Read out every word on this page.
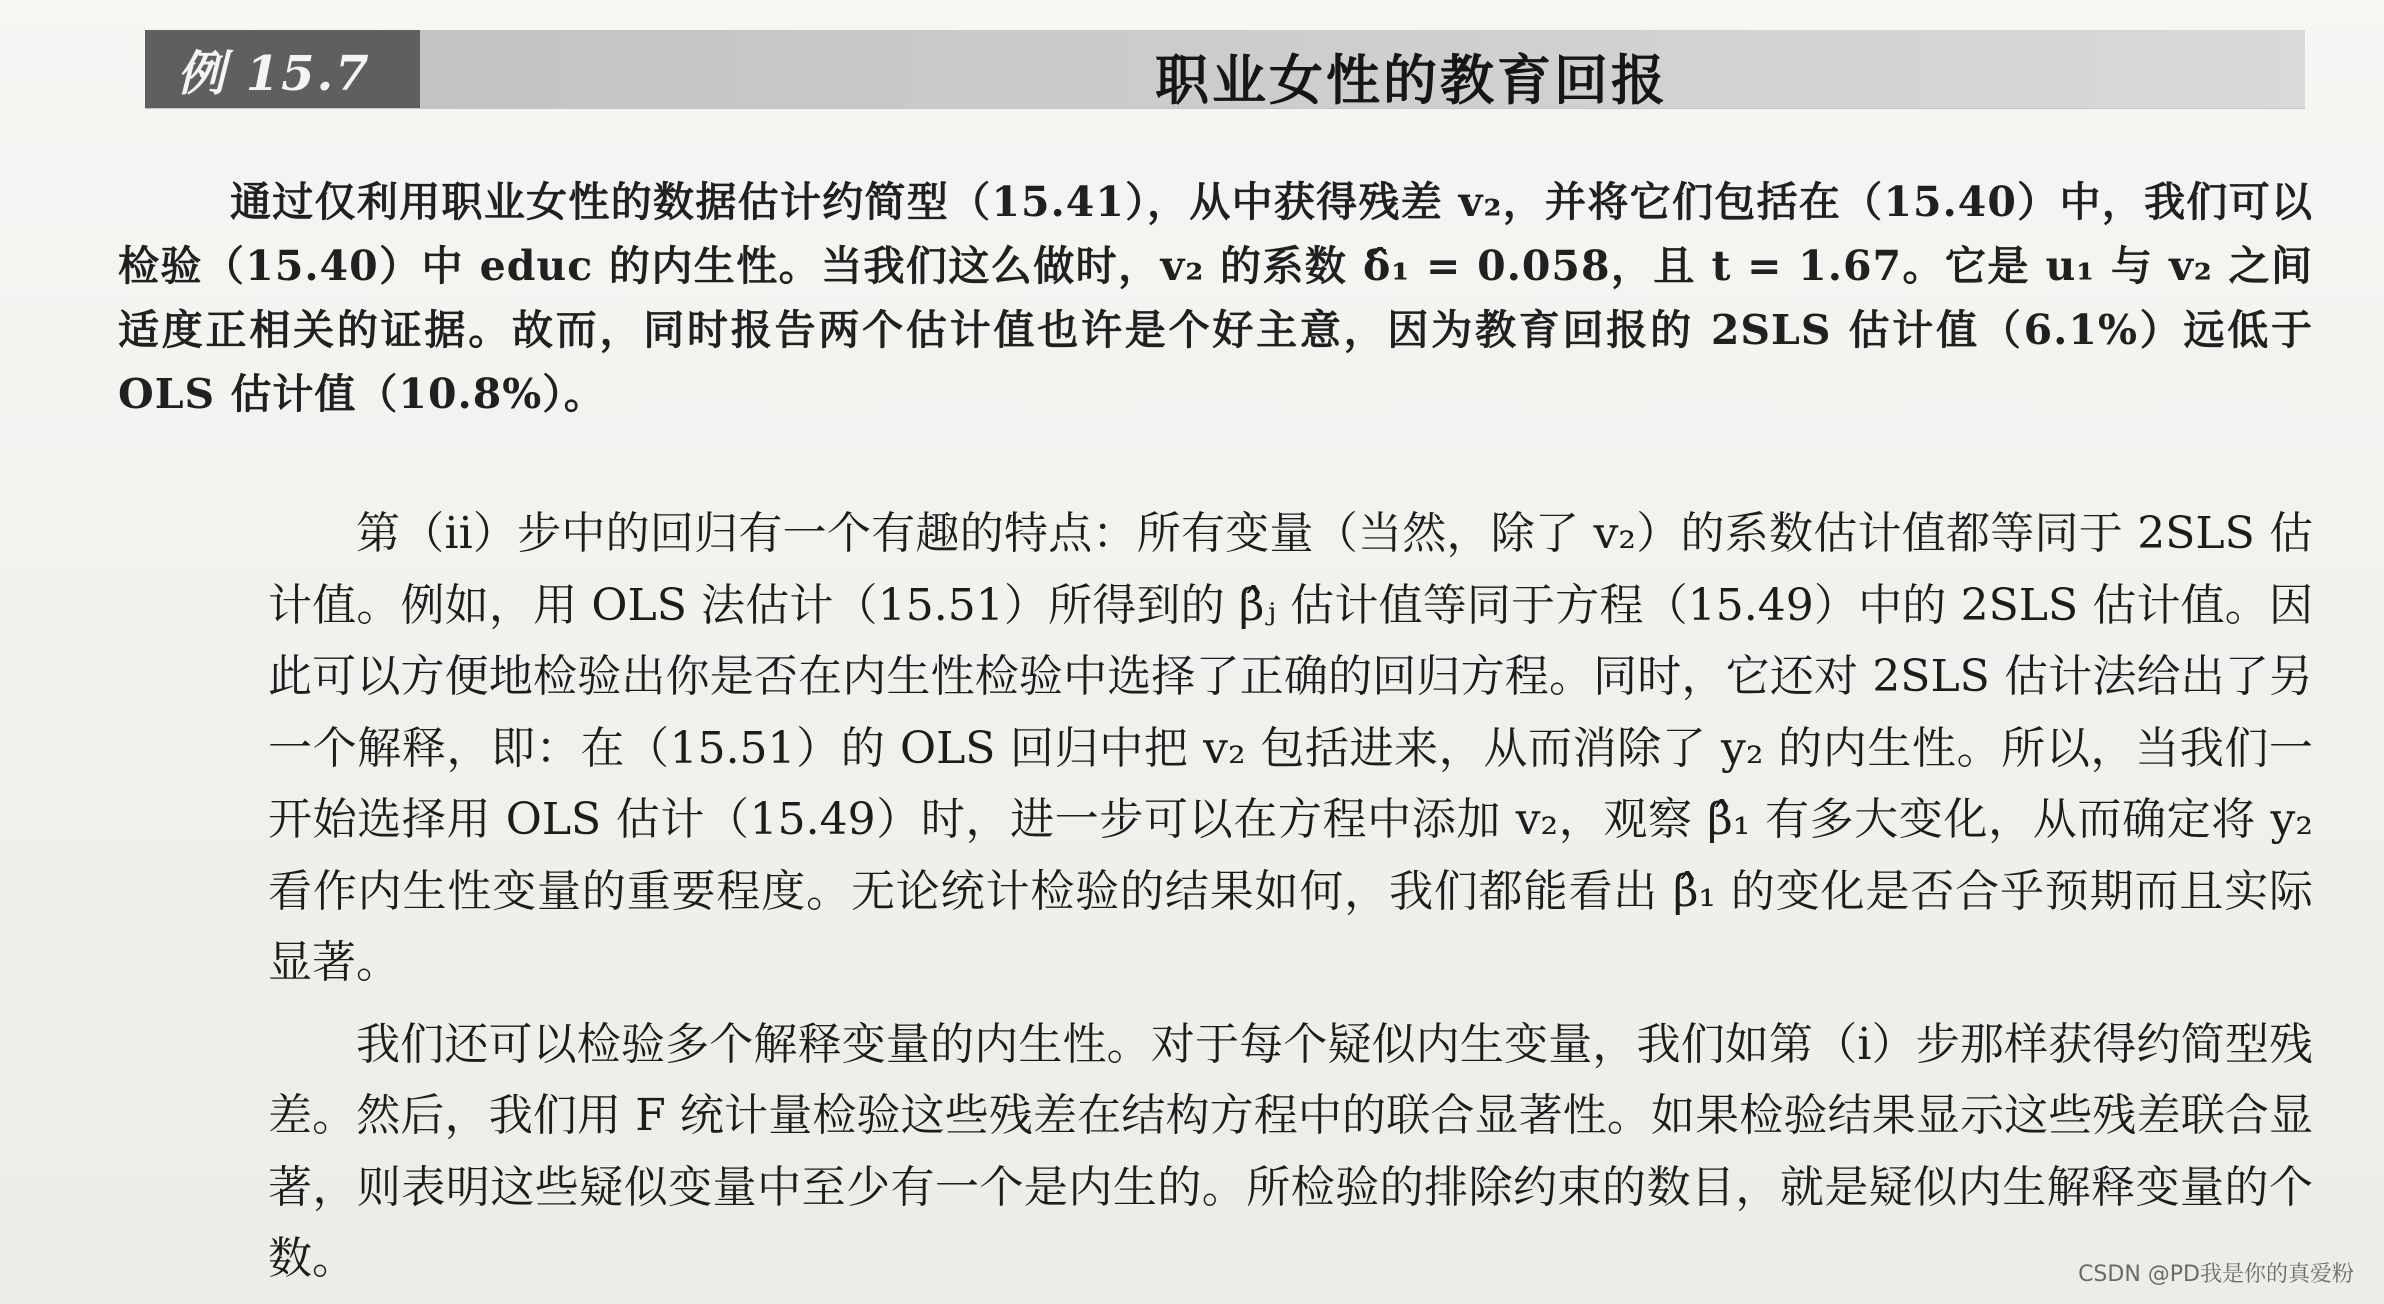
例 15.7	职业女性的教育回报

通过仅利用职业女性的数据估计约简型（15.41），从中获得残差 v₂，并将它们包括在（15.40）中，我们可以检验（15.40）中 educ 的内生性。当我们这么做时，v₂ 的系数 δ̂₁ = 0.058，且 t = 1.67。它是 u₁ 与 v₂ 之间适度正相关的证据。故而，同时报告两个估计值也许是个好主意，因为教育回报的 2SLS 估计值（6.1%）远低于 OLS 估计值（10.8%）。

第（ii）步中的回归有一个有趣的特点：所有变量（当然，除了 v₂）的系数估计值都等同于 2SLS 估计值。例如，用 OLS 法估计（15.51）所得到的 β̂ⱼ 估计值等同于方程（15.49）中的 2SLS 估计值。因此可以方便地检验出你是否在内生性检验中选择了正确的回归方程。同时，它还对 2SLS 估计法给出了另一个解释，即：在（15.51）的 OLS 回归中把 v₂ 包括进来，从而消除了 y₂ 的内生性。所以，当我们一开始选择用 OLS 估计（15.49）时，进一步可以在方程中添加 v₂，观察 β̂₁ 有多大变化，从而确定将 y₂ 看作内生性变量的重要程度。无论统计检验的结果如何，我们都能看出 β̂₁ 的变化是否合乎预期而且实际显著。

我们还可以检验多个解释变量的内生性。对于每个疑似内生变量，我们如第（i）步那样获得约简型残差。然后，我们用 F 统计量检验这些残差在结构方程中的联合显著性。如果检验结果显示这些残差联合显著，则表明这些疑似变量中至少有一个是内生的。所检验的排除约束的数目，就是疑似内生解释变量的个数。	CSDN @PD我是你的真爱粉
